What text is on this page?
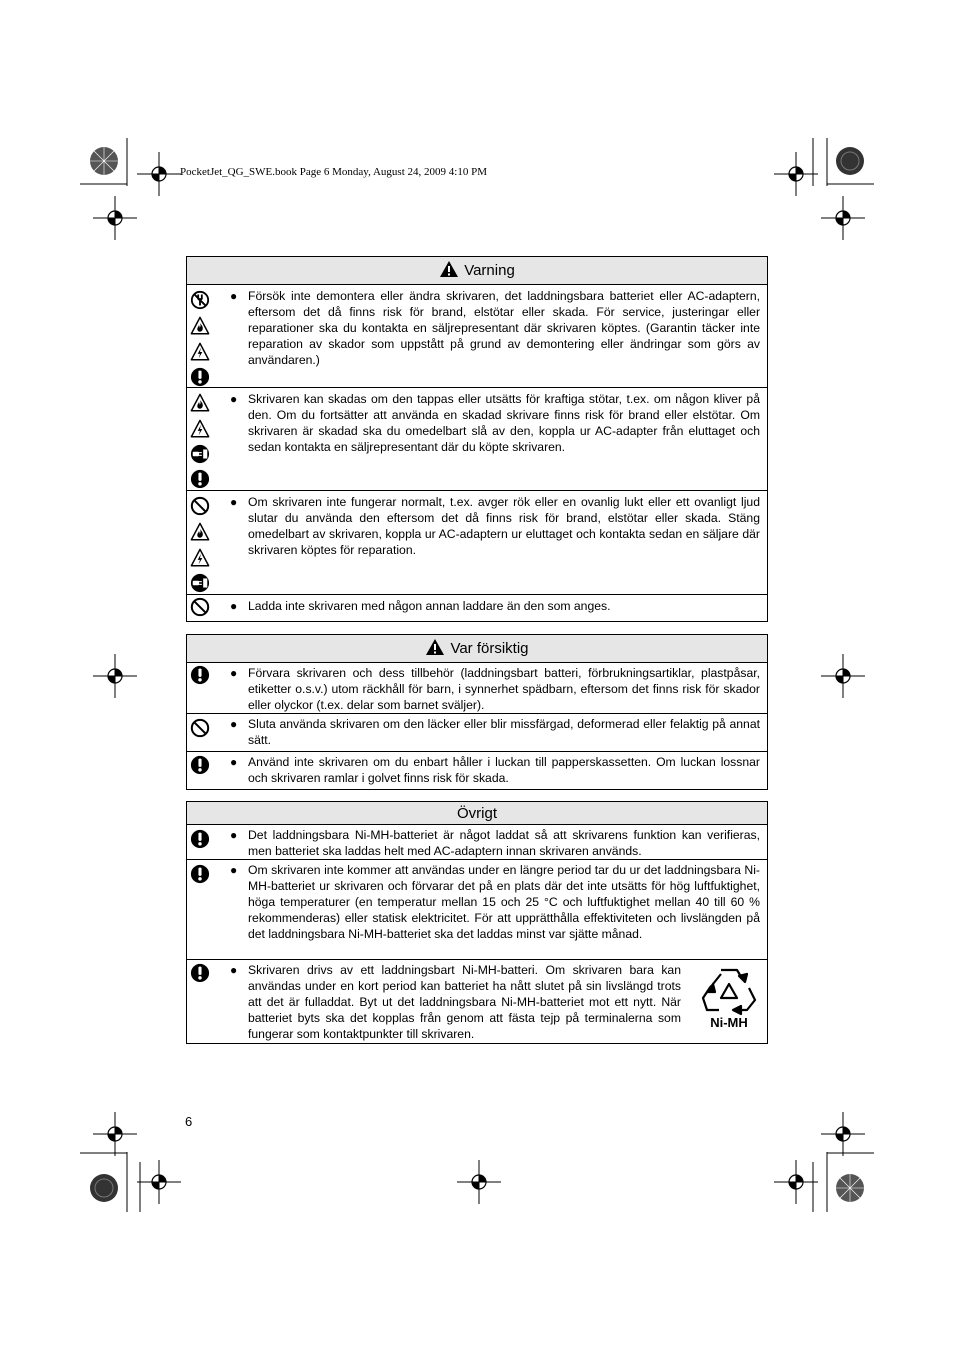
PocketJet_QG_SWE.book Page 6 Monday, August 24, 2009 4:10 PM
Varning
● Försök inte demontera eller ändra skrivaren, det laddningsbara batteriet eller AC-adaptern, eftersom det då finns risk för brand, elstötar eller skada. För service, justeringar eller reparationer ska du kontakta en säljrepresentant där skrivaren köptes. (Garantin täcker inte reparation av skador som uppstått på grund av demontering eller ändringar som görs av användaren.)
● Skrivaren kan skadas om den tappas eller utsätts för kraftiga stötar, t.ex. om någon kliver på den. Om du fortsätter att använda en skadad skrivare finns risk för brand eller elstötar. Om skrivaren är skadad ska du omedelbart slå av den, koppla ur AC-adapter från eluttaget och sedan kontakta en säljrepresentant där du köpte skrivaren.
● Om skrivaren inte fungerar normalt, t.ex. avger rök eller en ovanlig lukt eller ett ovanligt ljud slutar du använda den eftersom det då finns risk för brand, elstötar eller skada. Stäng omedelbart av skrivaren, koppla ur AC-adaptern ur eluttaget och kontakta sedan en säljare där skrivaren köptes för reparation.
● Ladda inte skrivaren med någon annan laddare än den som anges.
Var försiktig
● Förvara skrivaren och dess tillbehör (laddningsbart batteri, förbrukningsartiklar, plastpåsar, etiketter o.s.v.) utom räckhåll för barn, i synnerhet spädbarn, eftersom det finns risk för skador eller olyckor (t.ex. delar som barnet sväljer).
● Sluta använda skrivaren om den läcker eller blir missfärgad, deformerad eller felaktig på annat sätt.
● Använd inte skrivaren om du enbart håller i luckan till papperskassetten. Om luckan lossnar och skrivaren ramlar i golvet finns risk för skada.
Övrigt
● Det laddningsbara Ni-MH-batteriet är något laddat så att skrivarens funktion kan verifieras, men batteriet ska laddas helt med AC-adaptern innan skrivaren används.
● Om skrivaren inte kommer att användas under en längre period tar du ur det laddningsbara Ni-MH-batteriet ur skrivaren och förvarar det på en plats där det inte utsätts för hög luftfuktighet, höga temperaturer (en temperatur mellan 15 och 25 °C och luftfuktighet mellan 40 till 60 % rekommenderas) eller statisk elektricitet. För att upprätthålla effektiviteten och livslängden på det laddningsbara Ni-MH-batteriet ska det laddas minst var sjätte månad.
● Skrivaren drivs av ett laddningsbart Ni-MH-batteri. Om skrivaren bara kan användas under en kort period kan batteriet ha nått slutet på sin livslängd trots att det är fulladdat. Byt ut det laddningsbara Ni-MH-batteriet mot ett nytt. När batteriet byts ska det kopplas från genom att fästa tejp på terminalerna som fungerar som kontaktpunkter till skrivaren.
Ni-MH
6
